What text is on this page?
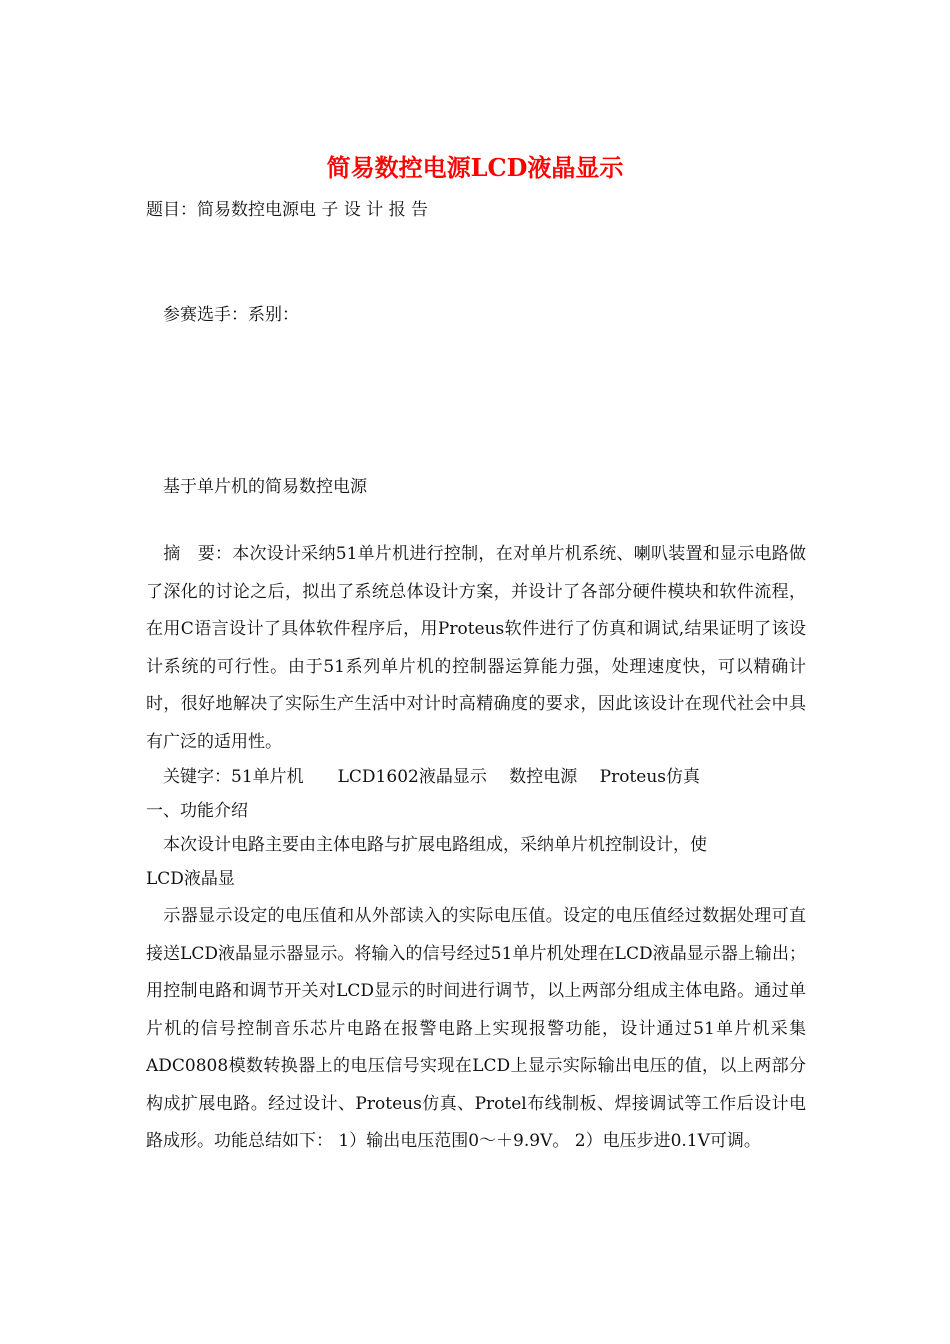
简易数控电源LCD液晶显示

题目：简易数控电源电 子 设 计 报 告

参赛选手：系别：

基于单片机的简易数控电源

　摘　要：本次设计采纳51单片机进行控制，在对单片机系统、喇叭装置和显示电路做了深化的讨论之后，拟出了系统总体设计方案，并设计了各部分硬件模块和软件流程，在用C语言设计了具体软件程序后，用Proteus软件进行了仿真和调试,结果证明了该设计系统的可行性。由于51系列单片机的控制器运算能力强，处理速度快，可以精确计时，很好地解决了实际生产生活中对计时高精确度的要求，因此该设计在现代社会中具有广泛的适用性。

关键字：51单片机　　LCD1602液晶显示　 数控电源　 Proteus仿真

一、功能介绍

本次设计电路主要由主体电路与扩展电路组成，采纳单片机控制设计，使

LCD液晶显

　示器显示设定的电压值和从外部读入的实际电压值。设定的电压值经过数据处理可直接送LCD液晶显示器显示。将输入的信号经过51单片机处理在LCD液晶显示器上输出；用控制电路和调节开关对LCD显示的时间进行调节，以上两部分组成主体电路。通过单片机的信号控制音乐芯片电路在报警电路上实现报警功能，设计通过51单片机采集ADC0808模数转换器上的电压信号实现在LCD上显示实际输出电压的值，以上两部分构成扩展电路。经过设计、Proteus仿真、Protel布线制板、焊接调试等工作后设计电路成形。功能总结如下： 1）输出电压范围0～＋9.9V。 2）电压步进0.1V可调。
